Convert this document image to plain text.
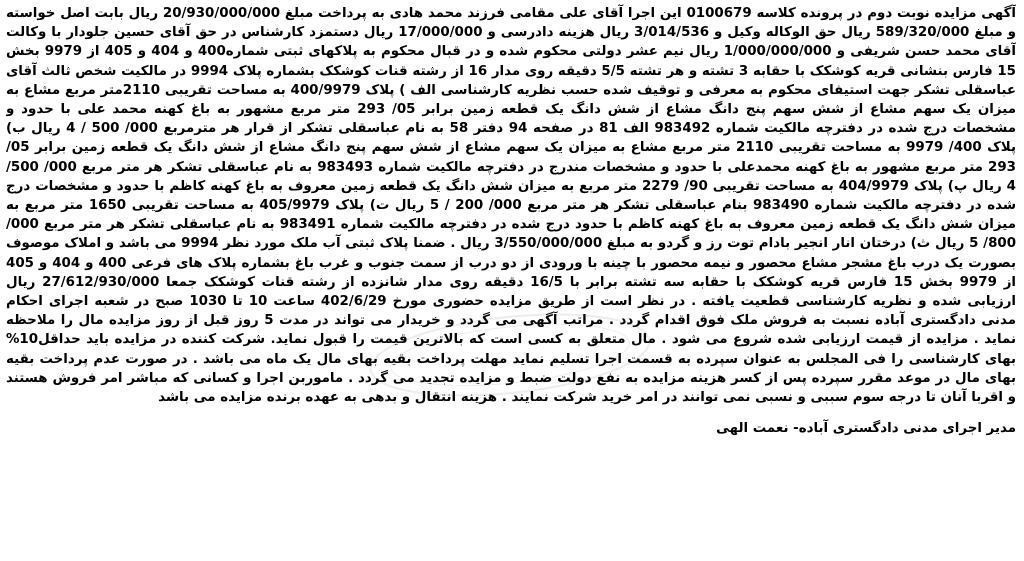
آگهی مزایده نوبت دوم در پرونده کلاسه 0100679 این اجرا آقای علی مقامی فرزند محمد هادی به پرداخت مبلغ 20/930/000/000 ریال بابت اصل خواسته و مبلغ 589/320/000 ریال حق الوکاله وکیل و 3/014/536 ریال هزینه دادرسی و 17/000/000 ریال دستمزد کارشناس در حق آقای حسین جلودار با وکالت آقای محمد حسن شریفی و 1/000/000/000 ریال نیم عشر دولتی محکوم شده و در قبال محکوم به پلاکهای ثبتی شماره400 و 404 و 405 از 9979 بخش 15 فارس بنشانی قریه کوشکک با حقابه 3 تشته و هر تشته 5/5 دقیقه روی مدار 16 از رشته قنات کوشکک بشماره پلاک 9994 در مالکیت شخص ثالث آقای عباسقلی تشکر جهت استیفای محکوم به معرفی و توقیف شده حسب نظریه کارشناسی الف ) پلاک 400/9979 به مساحت تقریبی 2110متر مربع مشاع به میزان یک سهم مشاع از شش سهم پنج دانگ مشاع از شش دانگ یک قطعه زمین برابر 05/ 293 متر مربع مشهور به باغ کهنه محمد علی با حدود و مشخصات درج شده در دفترچه مالکیت شماره 983492 الف 81 در صفحه 94 دفتر 58 به نام عباسقلی تشکر از قرار هر مترمربع 000/ 500 / 4 ریال ب) پلاک 400/ 9979 به مساحت تقریبی 2110 متر مربع مشاع به میزان یک سهم مشاع از شش سهم پنج دانگ مشاع از شش دانگ یک قطعه زمین برابر 05/ 293 متر مربع مشهور به باغ کهنه محمدعلی با حدود و مشخصات مندرج در دفترچه مالکیت شماره 983493 به نام عباسقلی تشکر هر متر مربع 000/ 500/ 4 ریال پ) پلاک 404/9979 به مساحت تقریبی 90/ 2279 متر مربع به میزان شش دانگ یک قطعه زمین معروف به باغ کهنه کاظم با حدود و مشخصات درج شده در دفترچه مالکیت شماره 983490 بنام عباسقلی تشکر هر متر مربع 000/ 200 / 5 ریال ت) پلاک 405/9979 به مساحت تقریبی 1650 متر مربع به میزان شش دانگ یک قطعه زمین معروف به باغ کهنه کاظم با حدود درج شده در دفترچه مالکیت شماره 983491 به نام عباسقلی تشکر هر متر مربع 000/ 800/ 5 ریال ث) درختان انار انجیر بادام توت رز و گردو به مبلغ 3/550/000/000 ریال . ضمنا پلاک ثبتی آب ملک مورد نظر 9994 می باشد و املاک موصوف بصورت یک درب باغ مشجر مشاع محصور و نیمه محصور با چینه با ورودی از دو درب از سمت جنوب و غرب باغ بشماره پلاک های فرعی 400 و 404 و 405 از 9979 بخش 15 فارس قریه کوشکک با حقابه سه تشته برابر با 16/5 دقیقه روی مدار شانزده از رشته قنات کوشکک جمعا 27/612/930/000 ریال ارزیابی شده و نظریه کارشناسی قطعیت یافته . در نظر است از طریق مزایده حضوری مورخ 402/6/29 ساعت 10 تا 1030 صبح در شعبه اجرای احکام مدنی دادگستری آباده نسبت به فروش ملک فوق اقدام گردد . مراتب آگهی می گردد و خریدار می تواند در مدت 5 روز قبل از روز مزایده مال را ملاحظه نماید . مزایده از قیمت ارزیابی شده شروع می شود . مال متعلق به کسی است که بالاترین قیمت را قبول نماید. شرکت کننده در مزایده باید حداقل10% بهای کارشناسی را فی المجلس به عنوان سپرده به قسمت اجرا تسلیم نماید مهلت پرداخت بقیه بهای مال یک ماه می باشد . در صورت عدم پرداخت بقیه بهای مال در موعد مقرر سپرده پس از کسر هزینه مزایده به نفع دولت ضبط و مزایده تجدید می گردد . ماموربن اجرا و کسانی که مباشر امر فروش هستند و اقربا آنان تا درجه سوم سببی و نسبی نمی توانند در امر خرید شرکت نمایند . هزینه انتقال و بدهی به عهده برنده مزایده می باشد

مدیر اجرای مدنی دادگستری آباده- نعمت الهی
